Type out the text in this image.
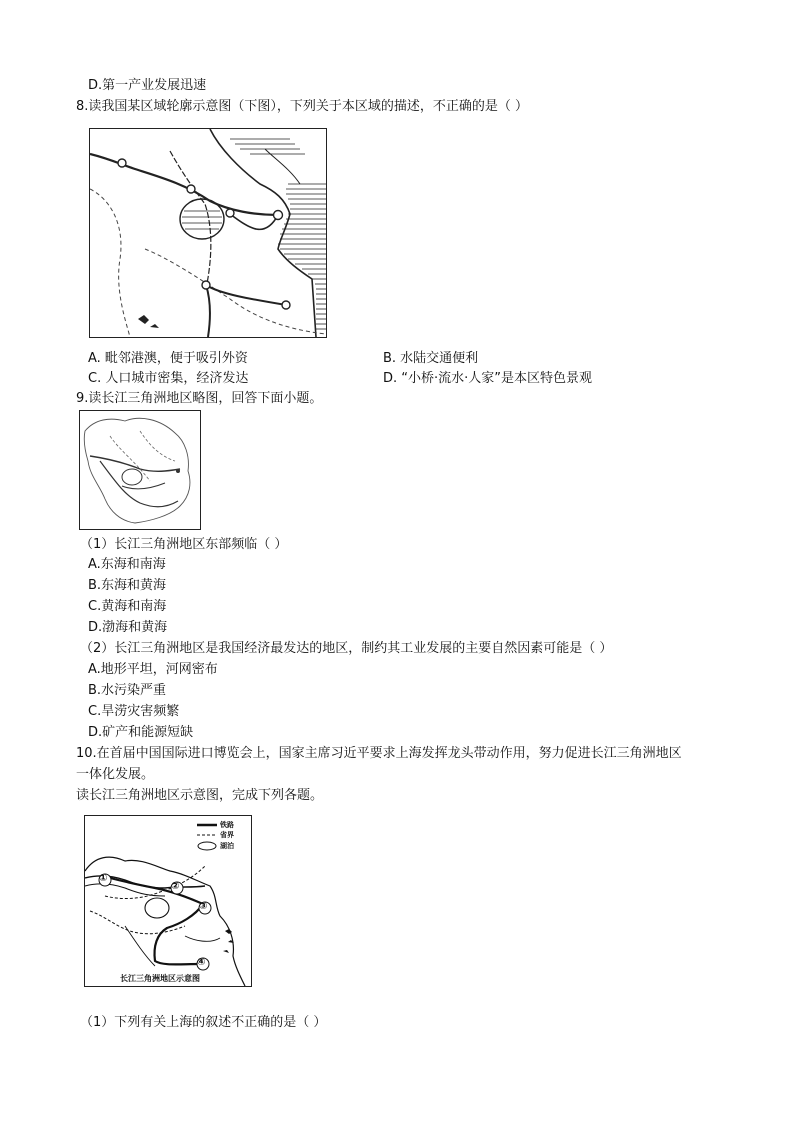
D.第一产业发展迅速
8.读我国某区域轮廓示意图（下图），下列关于本区域的描述，不正确的是（ ）
A. 毗邻港澳，便于吸引外资	B. 水陆交通便利
C. 人口城市密集，经济发达	D. “小桥·流水·人家”是本区特色景观
9.读长江三角洲地区略图，回答下面小题。
（1）长江三角洲地区东部频临（ ）
A.东海和南海
B.东海和黄海
C.黄海和南海
D.渤海和黄海
（2）长江三角洲地区是我国经济最发达的地区，制约其工业发展的主要自然因素可能是（ ）
A.地形平坦，河网密布
B.水污染严重
C.旱涝灾害频繁
D.矿产和能源短缺
10.在首届中国国际进口博览会上，国家主席习近平要求上海发挥龙头带动作用，努力促进长江三角洲地区
一体化发展。
读长江三角洲地区示意图，完成下列各题。
铁路
省界
湖泊
①
②
③
④
长江三角洲地区示意图
（1）下列有关上海的叙述不正确的是（ ）
